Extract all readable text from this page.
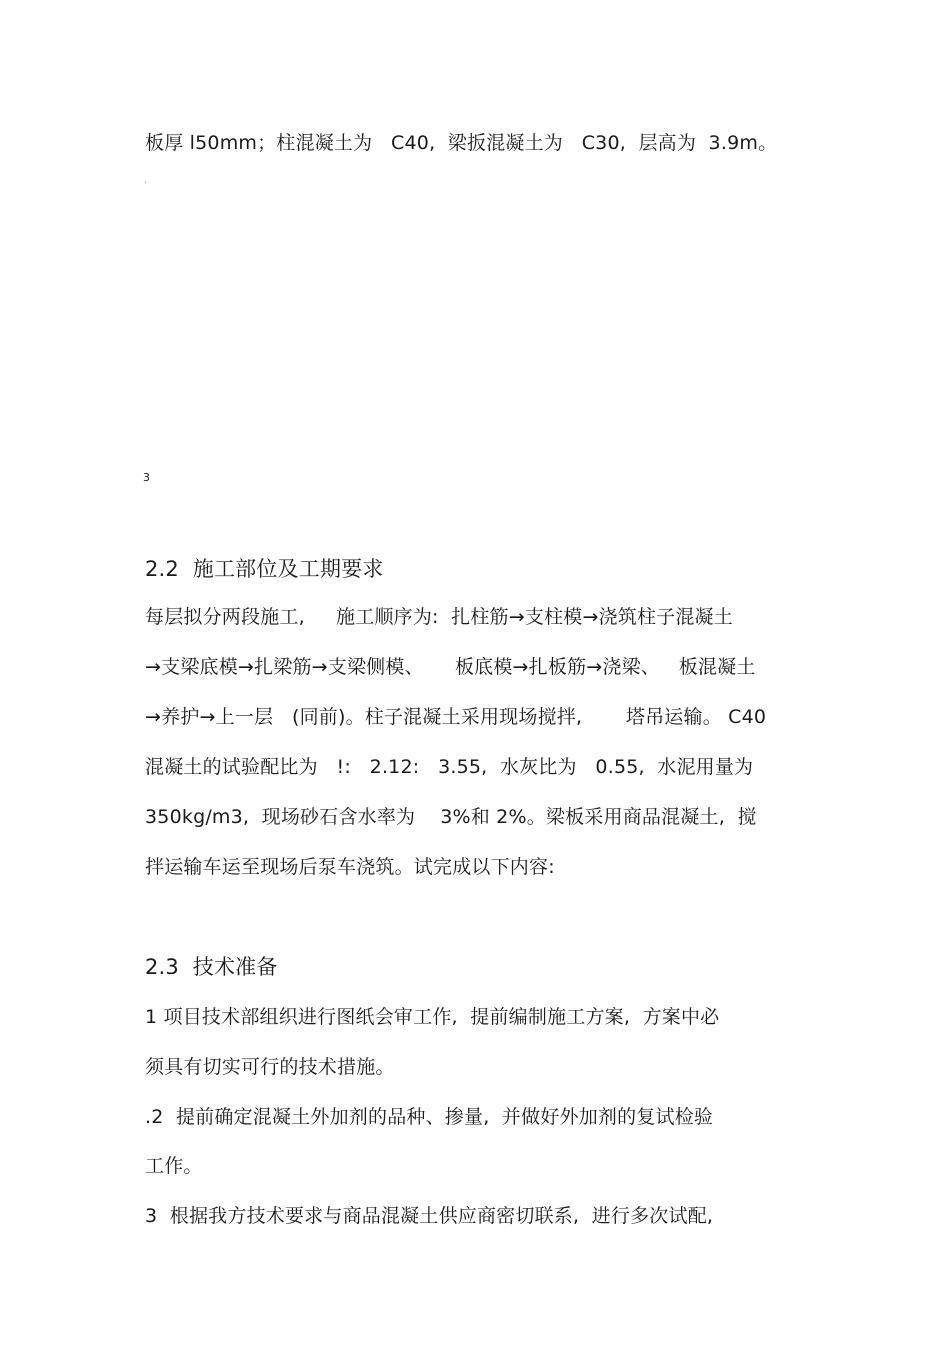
板厚 l50mm；柱混凝土为   C40,  梁扳混凝土为   C30,  层高为  3.9m。
·
3
2.2  施工部位及工期要求
每层拟分两段施工,     施工顺序为:  扎柱筋→支柱模→浇筑柱子混凝土
→支梁底模→扎梁筋→支梁侧模、     板底模→扎板筋→浇梁、   板混凝土
→养护→上一层   (同前)。柱子混凝土采用现场搅拌,       塔吊运输。 C40
混凝土的试验配比为   !:   2.12:   3.55,  水灰比为   0.55,  水泥用量为
350kg/m3,  现场砂石含水率为    3%和 2%。梁板采用商品混凝土,  搅
拌运输车运至现场后泵车浇筑。试完成以下内容:
2.3  技术准备
1 项目技术部组织进行图纸会审工作,  提前编制施工方案,  方案中必
须具有切实可行的技术措施。
.2  提前确定混凝土外加剂的品种、掺量,  并做好外加剂的复试检验
工作。
3  根据我方技术要求与商品混凝土供应商密切联系,  进行多次试配,
